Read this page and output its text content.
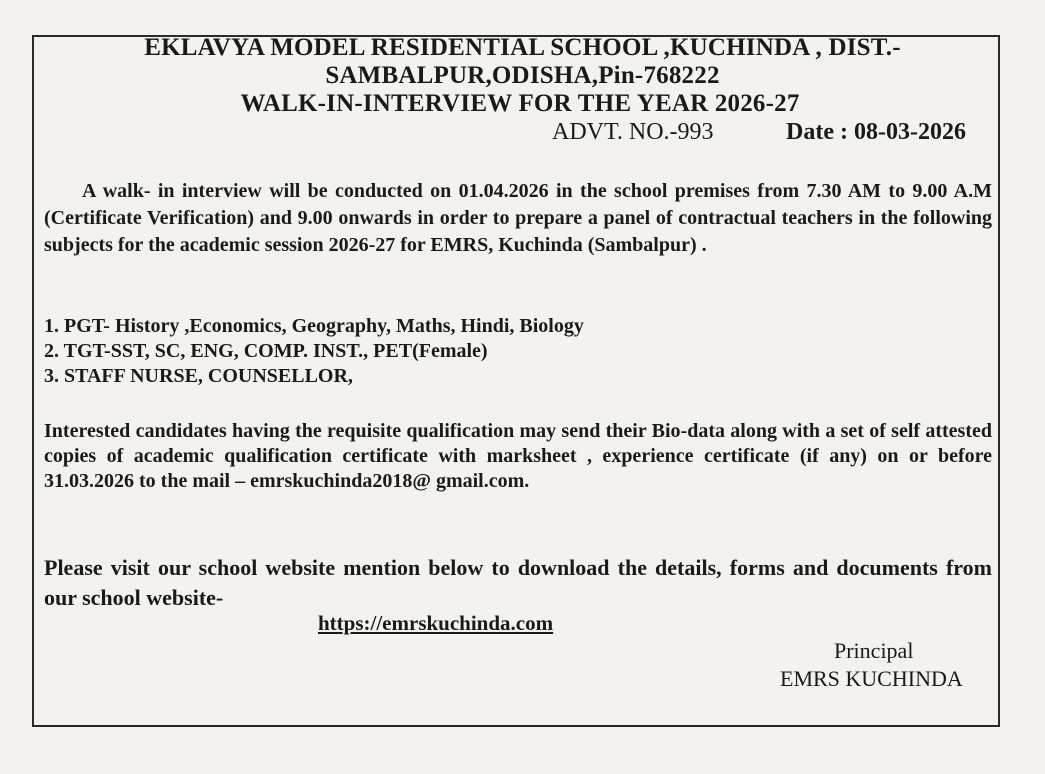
EKLAVYA MODEL RESIDENTIAL SCHOOL ,KUCHINDA , DIST.-
SAMBALPUR,ODISHA,Pin-768222
WALK-IN-INTERVIEW FOR THE YEAR 2026-27
ADVT. NO.-993	Date : 08-03-2026
A walk- in interview will be conducted on 01.04.2026 in the school premises from 7.30 AM to 9.00 A.M (Certificate Verification) and 9.00 onwards in order to prepare a panel of contractual teachers in the following subjects for the academic session 2026-27 for EMRS, Kuchinda (Sambalpur) .
1. PGT- History ,Economics, Geography, Maths, Hindi, Biology
2. TGT-SST, SC, ENG, COMP. INST., PET(Female)
3. STAFF NURSE, COUNSELLOR,
Interested candidates having the requisite qualification may send their Bio-data along with a set of self attested copies of academic qualification certificate with marksheet , experience certificate (if any) on or before 31.03.2026 to the mail – emrskuchinda2018@ gmail.com.
Please visit our school website mention below to download the details, forms and documents from our school website-
https://emrskuchinda.com
Principal
EMRS KUCHINDA
